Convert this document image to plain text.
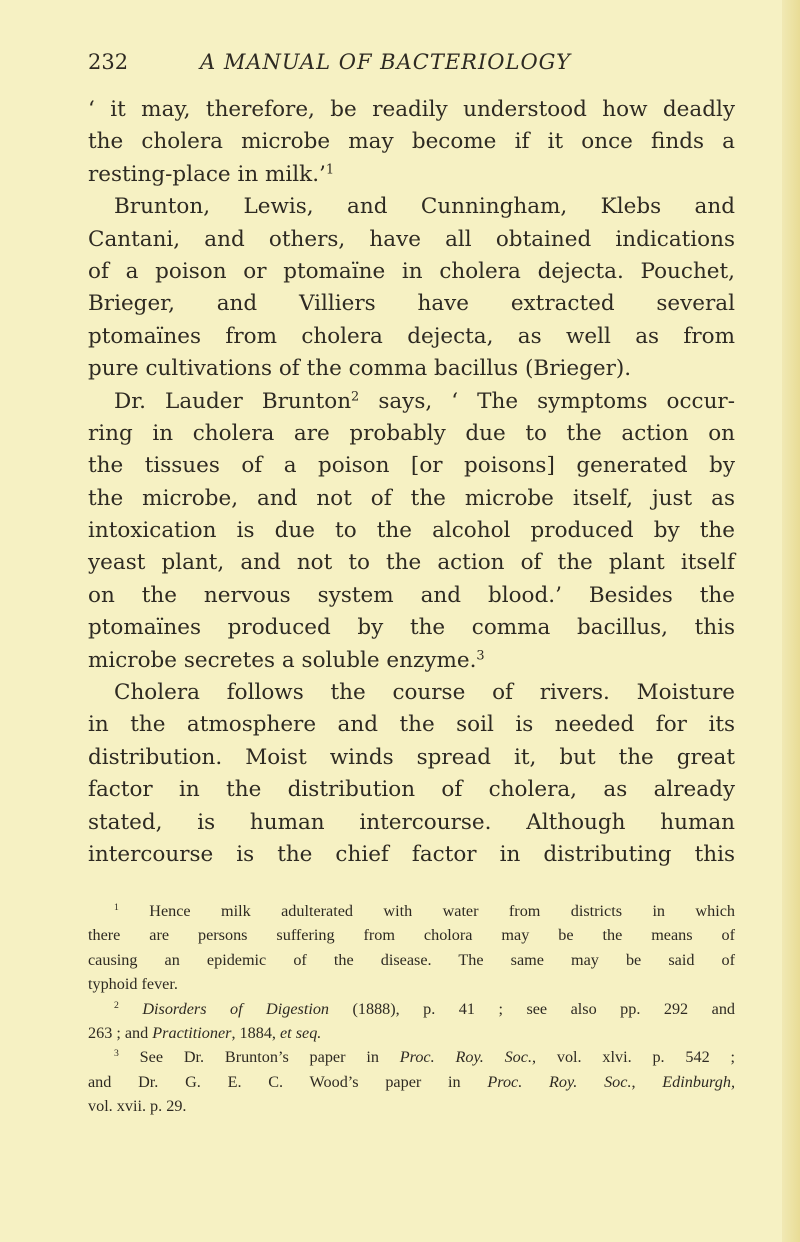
232	A MANUAL OF BACTERIOLOGY
‘ it may, therefore, be readily understood how deadly
the cholera microbe may become if it once finds a
resting-place in milk.’$^1$
Brunton, Lewis, and Cunningham, Klebs and
Cantani, and others, have all obtained indications
of a poison or ptomaïne in cholera dejecta. Pouchet,
Brieger, and Villiers have extracted several
ptomaïnes from cholera dejecta, as well as from
pure cultivations of the comma bacillus (Brieger).
Dr. Lauder Brunton$^2$ says, ‘ The symptoms occur-
ring in cholera are probably due to the action on
the tissues of a poison [or poisons] generated by
the microbe, and not of the microbe itself, just as
intoxication is due to the alcohol produced by the
yeast plant, and not to the action of the plant itself
on the nervous system and blood.’ Besides the
ptomaïnes produced by the comma bacillus, this
microbe secretes a soluble enzyme.$^3$
Cholera follows the course of rivers. Moisture
in the atmosphere and the soil is needed for its
distribution. Moist winds spread it, but the great
factor in the distribution of cholera, as already
stated, is human intercourse. Although human
intercourse is the chief factor in distributing this
$^1$ Hence milk adulterated with water from districts in which
there are persons suffering from cholora may be the means of
causing an epidemic of the disease. The same may be said of
typhoid fever.
$^2$ Disorders of Digestion (1888), p. 41 ; see also pp. 292 and
263 ; and Practitioner, 1884, et seq.
$^3$ See Dr. Brunton’s paper in Proc. Roy. Soc., vol. xlvi. p. 542 ;
and Dr. G. E. C. Wood’s paper in Proc. Roy. Soc., Edinburgh,
vol. xvii. p. 29.
